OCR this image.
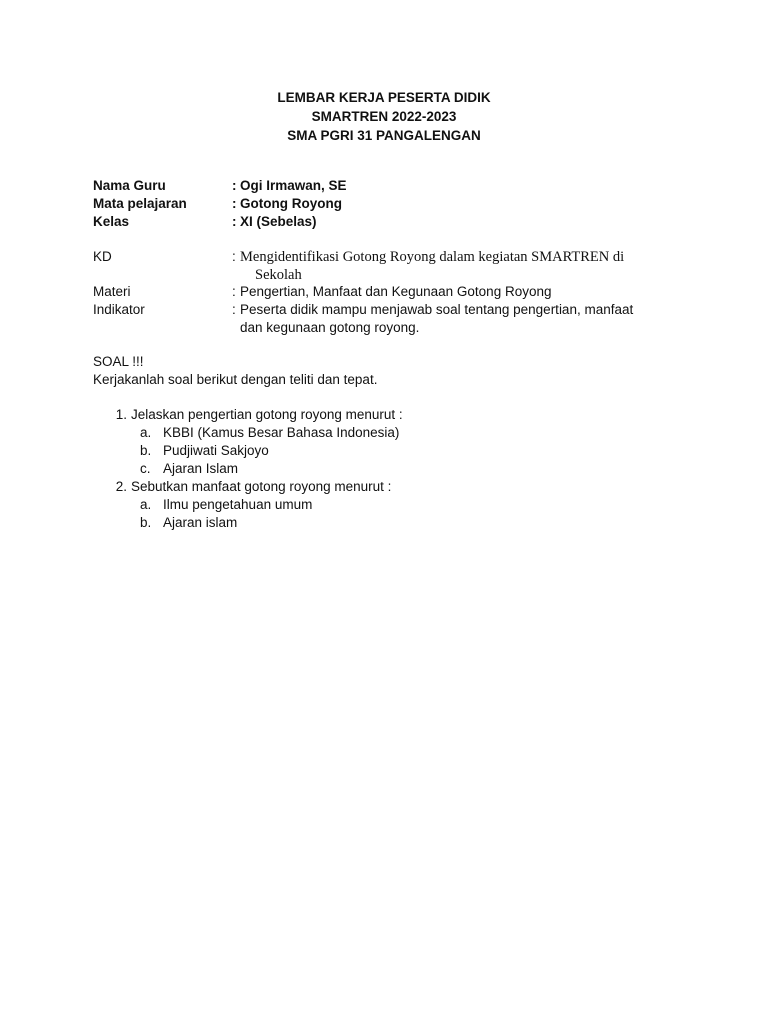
LEMBAR KERJA PESERTA DIDIK
SMARTREN 2022-2023
SMA PGRI 31 PANGALENGAN
Nama Guru	: Ogi Irmawan, SE
Mata pelajaran	: Gotong Royong
Kelas	: XI (Sebelas)
KD	: Mengidentifikasi Gotong Royong dalam kegiatan SMARTREN di
Sekolah
Materi	: Pengertian, Manfaat dan Kegunaan Gotong Royong
Indikator	: Peserta didik mampu menjawab soal tentang pengertian, manfaat
dan kegunaan gotong royong.
SOAL !!!
Kerjakanlah soal berikut dengan teliti dan tepat.
1. Jelaskan pengertian gotong royong menurut :
a. KBBI (Kamus Besar Bahasa Indonesia)
b. Pudjiwati Sakjoyo
c. Ajaran Islam
2. Sebutkan manfaat gotong royong menurut :
a. Ilmu pengetahuan umum
b. Ajaran islam
